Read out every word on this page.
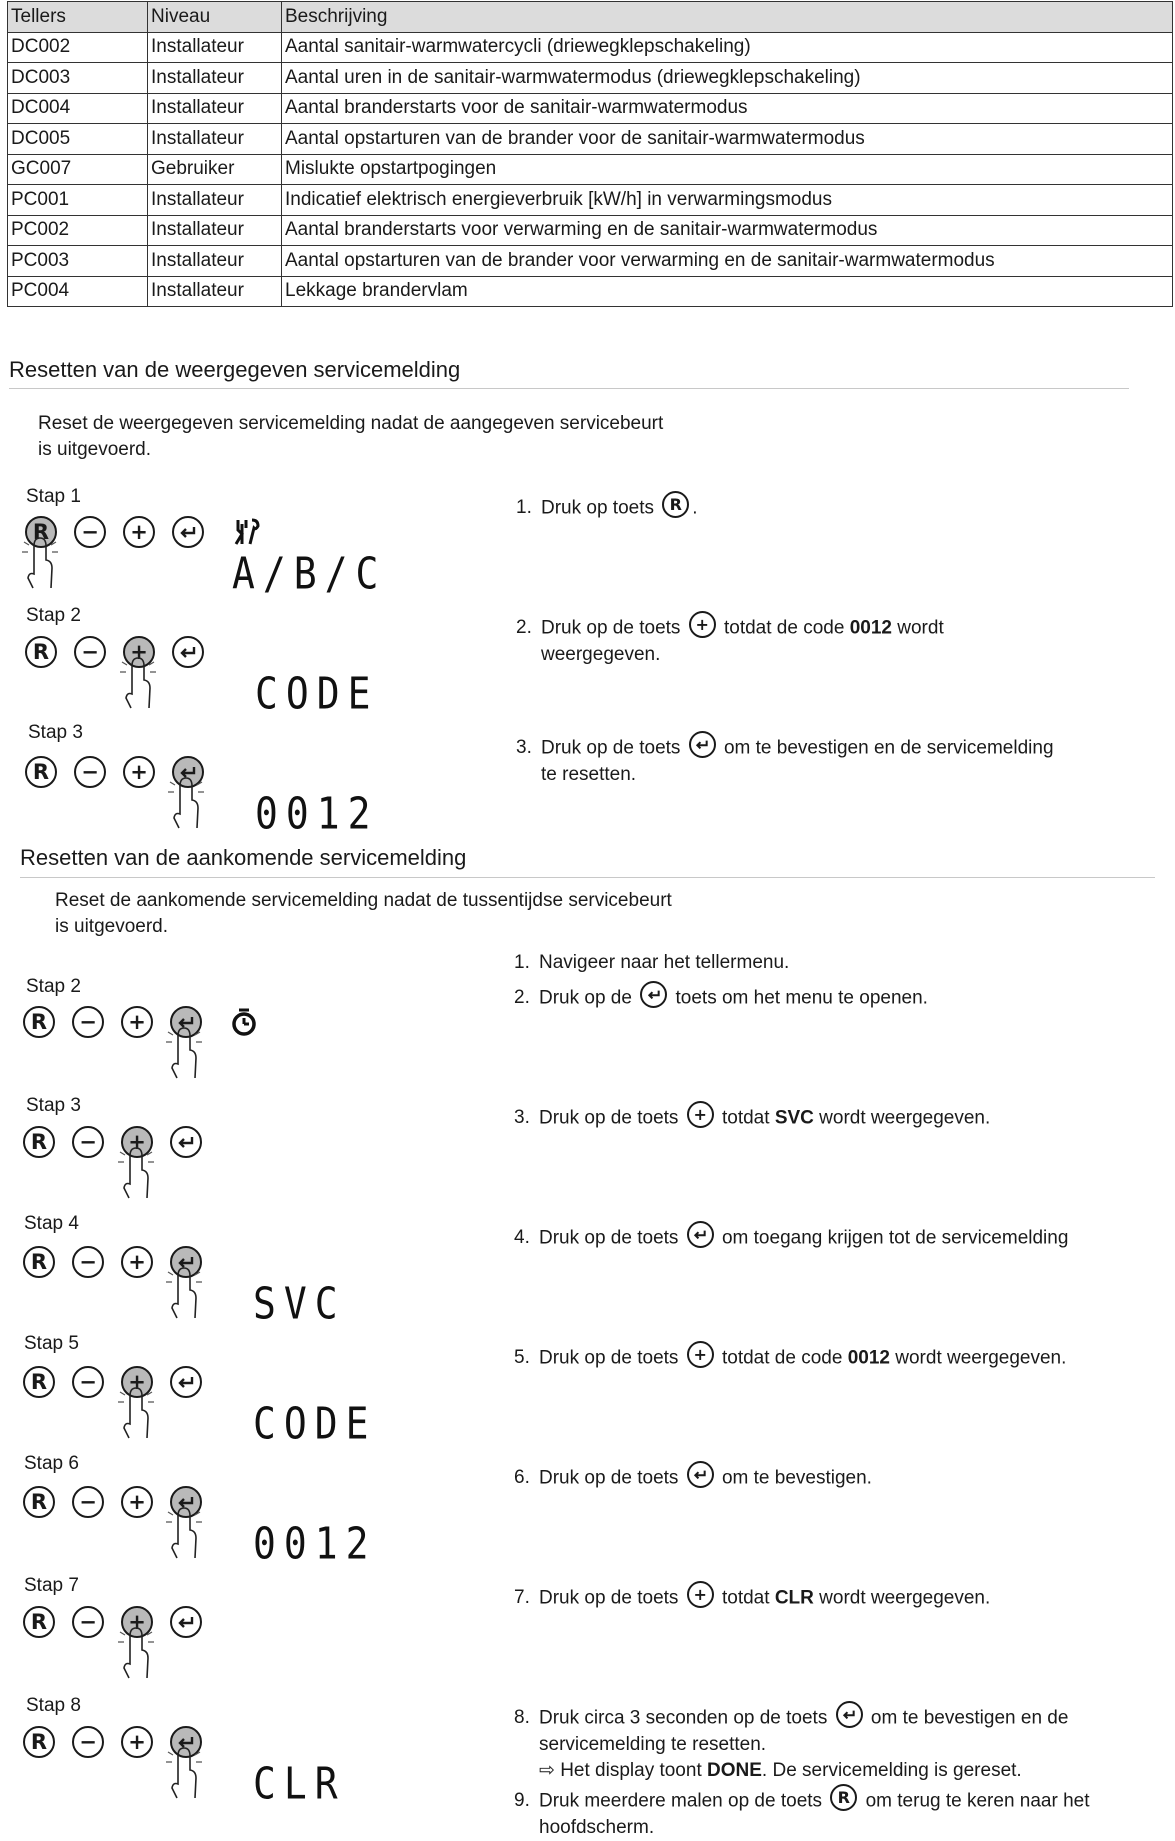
Tellers	Niveau	Beschrijving
DC002	Installateur	Aantal sanitair-warmwatercycli (driewegklepschakeling)
DC003	Installateur	Aantal uren in de sanitair-warmwatermodus (driewegklepschakeling)
DC004	Installateur	Aantal branderstarts voor de sanitair-warmwatermodus
DC005	Installateur	Aantal opstarturen van de brander voor de sanitair-warmwatermodus
GC007	Gebruiker	Mislukte opstartpogingen
PC001	Installateur	Indicatief elektrisch energieverbruik [kW/h] in verwarmingsmodus
PC002	Installateur	Aantal branderstarts voor verwarming en de sanitair-warmwatermodus
PC003	Installateur	Aantal opstarturen van de brander voor verwarming en de sanitair-warmwatermodus
PC004	Installateur	Lekkage brandervlam
Resetten van de weergegeven servicemelding
Reset de weergegeven servicemelding nadat de aangegeven servicebeurt
is uitgevoerd.
Stap 1
R	−	+
A/B/C
1. Druk op toets R .
Stap 2
R	−	+
CODE
2. Druk op de toets + totdat de code 0012 wordt weergegeven.
Stap 3
R	−	+
0012
3. Druk op de toets om te bevestigen en de servicemelding te resetten.
Resetten van de aankomende servicemelding
Reset de aankomende servicemelding nadat de tussentijdse servicebeurt
is uitgevoerd.
1. Navigeer naar het tellermenu.
Stap 2
R	−	+
2. Druk op de toets om het menu te openen.
Stap 3
R	−	+
3. Druk op de toets + totdat SVC wordt weergegeven.
Stap 4
R	−	+
SVC
4. Druk op de toets om toegang krijgen tot de servicemelding
Stap 5
R	−	+
CODE
5. Druk op de toets + totdat de code 0012 wordt weergegeven.
Stap 6
R	−	+
0012
6. Druk op de toets om te bevestigen.
Stap 7
R	−	+
7. Druk op de toets + totdat CLR wordt weergegeven.
Stap 8
R	−	+
CLR
8. Druk circa 3 seconden op de toets om te bevestigen en de servicemelding te resetten.
⇨ Het display toont DONE. De servicemelding is gereset.
9. Druk meerdere malen op de toets R om terug te keren naar het hoofdscherm.
